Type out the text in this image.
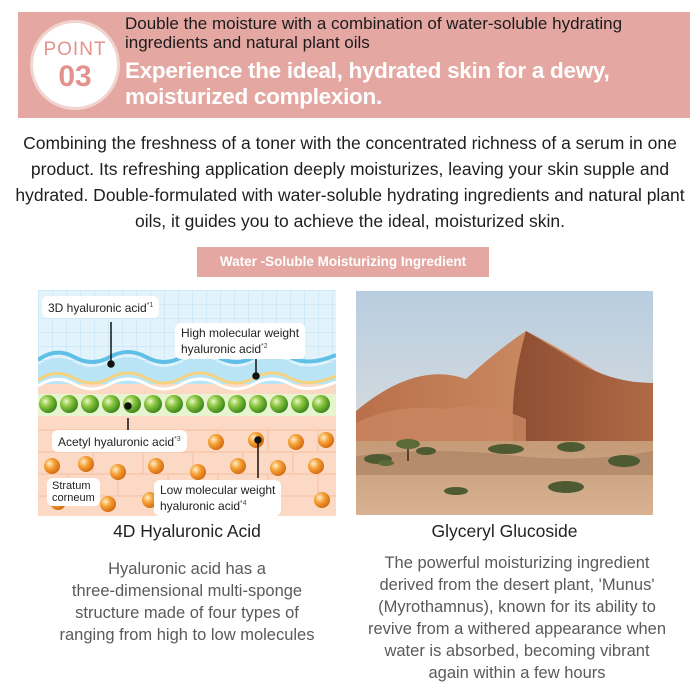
POINT
03
Double the moisture with a combination of water-soluble hydrating ingredients and natural plant oils
Experience the ideal, hydrated skin for a dewy, moisturized complexion.

Combining the freshness of a toner with the concentrated richness of a serum in one product. Its refreshing application deeply moisturizes, leaving your skin supple and hydrated. Double-formulated with water-soluble hydrating ingredients and natural plant oils, it guides you to achieve the ideal, moisturized skin.

Water -Soluble Moisturizing Ingredient
3D hyaluronic acid$^{*1}$
High molecular weight
hyaluronic acid$^{*2}$
Acetyl hyaluronic acid$^{*3}$
Stratum
corneum
Low molecular weight
hyaluronic acid$^{*4}$
4D Hyaluronic Acid	Glyceryl Glucoside
Hyaluronic acid has a
three-dimensional multi-sponge
structure made of four types of
ranging from high to low molecules
The powerful moisturizing ingredient
derived from the desert plant, 'Munus'
(Myrothamnus), known for its ability to
revive from a withered appearance when
water is absorbed, becoming vibrant
again within a few hours
